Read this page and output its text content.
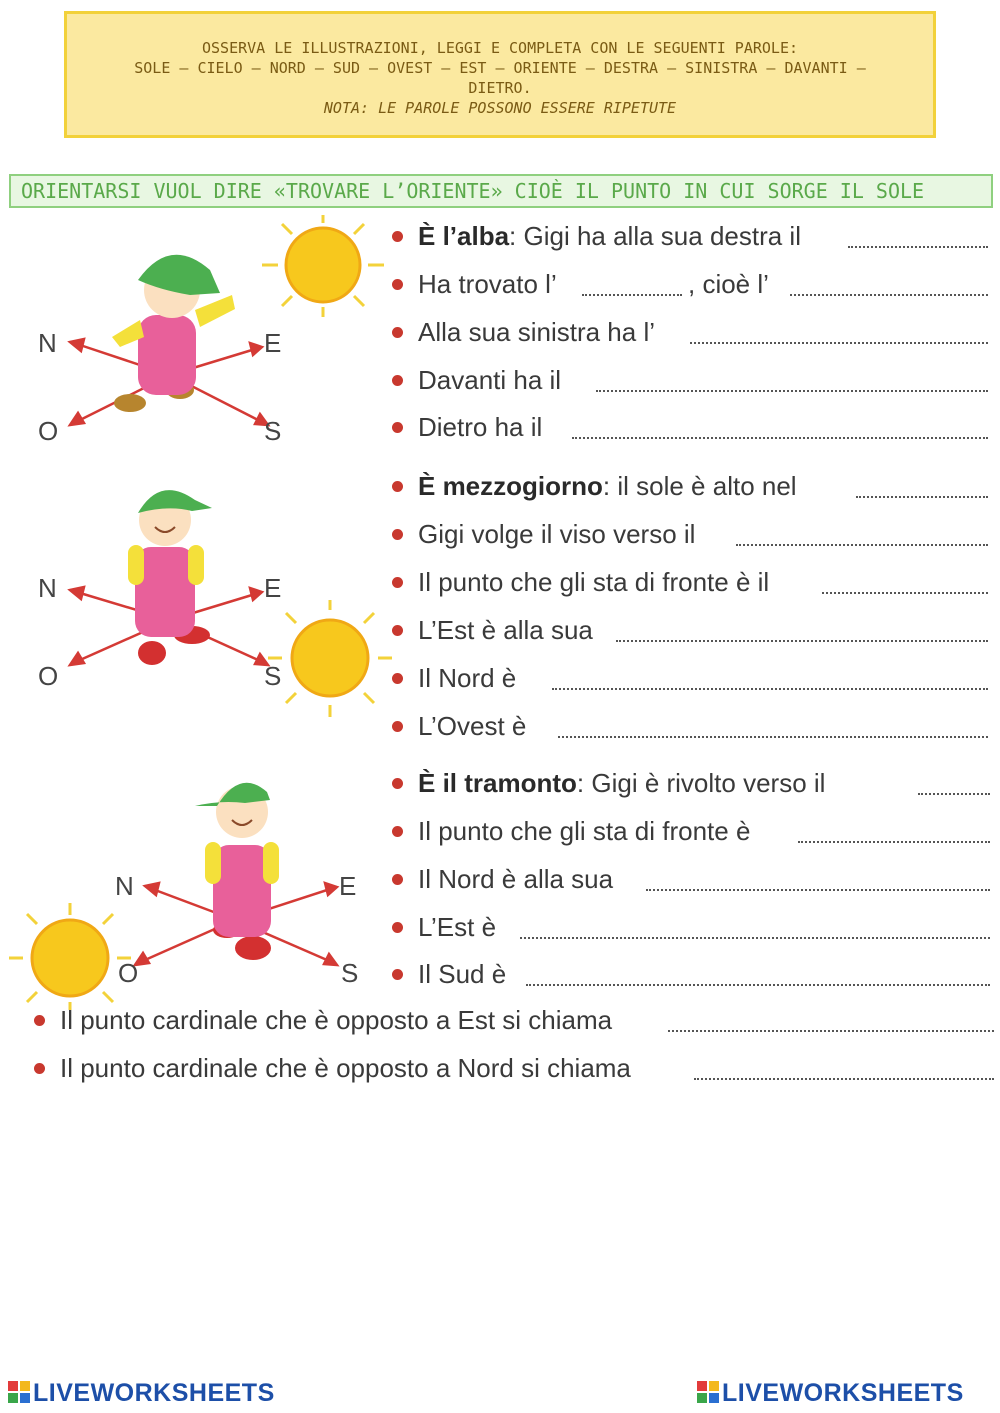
OSSERVA LE ILLUSTRAZIONI, LEGGI E COMPLETA CON LE SEGUENTI PAROLE:
SOLE – CIELO – NORD – SUD – OVEST – EST – ORIENTE – DESTRA – SINISTRA – DAVANTI –
DIETRO.
NOTA: LE PAROLE POSSONO ESSERE RIPETUTE
ORIENTARSI VUOL DIRE «TROVARE L’ORIENTE» CIOÈ IL PUNTO IN CUI SORGE IL SOLE
N	E
O	S
N	E
O	S
N	E
O	S
È l’alba: Gigi ha alla sua destra il
Ha trovato l’	, cioè l’
Alla sua sinistra ha l’
Davanti ha il
Dietro ha il
È mezzogiorno: il sole è alto nel
Gigi volge il viso verso il
Il punto che gli sta di fronte è il
L’Est è alla sua
Il Nord è
L’Ovest è
È il tramonto: Gigi è rivolto verso il
Il punto che gli sta di fronte è
Il Nord è alla sua
L’Est è
Il Sud è
Il punto cardinale che è opposto a Est si chiama
Il punto cardinale che è opposto a Nord si chiama
LIVEWORKSHEETS	LIVEWORKSHEETS
